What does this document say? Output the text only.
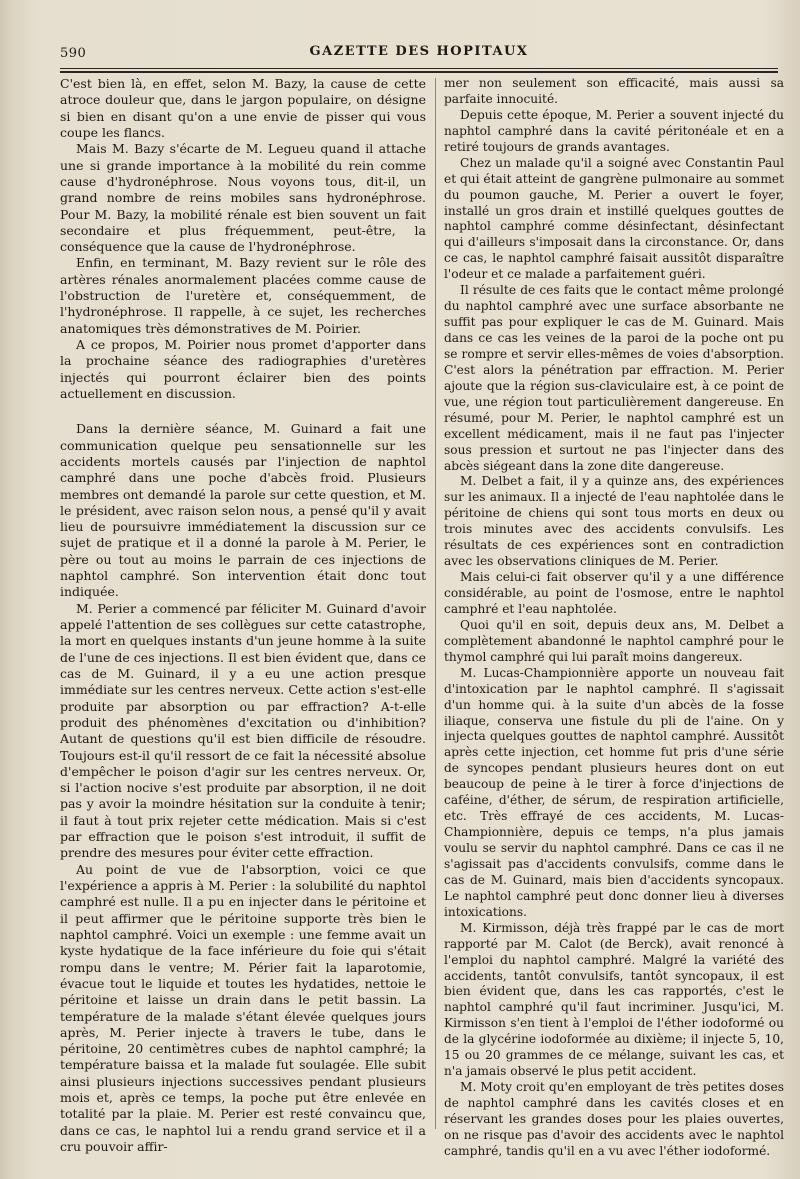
590	GAZETTE DES HOPITAUX

C'est bien là, en effet, selon M. Bazy, la cause de cette atroce douleur que, dans le jargon populaire, on désigne si bien en disant qu'on a une envie de pisser qui vous coupe les flancs.

Mais M. Bazy s'écarte de M. Legueu quand il attache une si grande importance à la mobilité du rein comme cause d'hydronéphrose. Nous voyons tous, dit-il, un grand nombre de reins mobiles sans hydronéphrose. Pour M. Bazy, la mobilité rénale est bien souvent un fait secondaire et plus fréquemment, peut-être, la conséquence que la cause de l'hydronéphrose.

Enfin, en terminant, M. Bazy revient sur le rôle des artères rénales anormalement placées comme cause de l'obstruction de l'uretère et, conséquemment, de l'hydronéphrose. Il rappelle, à ce sujet, les recherches anatomiques très démonstratives de M. Poirier.

A ce propos, M. Poirier nous promet d'apporter dans la prochaine séance des radiographies d'uretères injectés qui pourront éclairer bien des points actuellement en discussion.

Dans la dernière séance, M. Guinard a fait une communication quelque peu sensationnelle sur les accidents mortels causés par l'injection de naphtol camphré dans une poche d'abcès froid. Plusieurs membres ont demandé la parole sur cette question, et M. le président, avec raison selon nous, a pensé qu'il y avait lieu de poursuivre immédiatement la discussion sur ce sujet de pratique et il a donné la parole à M. Perier, le père ou tout au moins le parrain de ces injections de naphtol camphré. Son intervention était donc tout indiquée.

M. Perier a commencé par féliciter M. Guinard d'avoir appelé l'attention de ses collègues sur cette catastrophe, la mort en quelques instants d'un jeune homme à la suite de l'une de ces injections. Il est bien évident que, dans ce cas de M. Guinard, il y a eu une action presque immédiate sur les centres nerveux. Cette action s'est-elle produite par absorption ou par effraction? A-t-elle produit des phénomènes d'excitation ou d'inhibition? Autant de questions qu'il est bien difficile de résoudre. Toujours est-il qu'il ressort de ce fait la nécessité absolue d'empêcher le poison d'agir sur les centres nerveux. Or, si l'action nocive s'est produite par absorption, il ne doit pas y avoir la moindre hésitation sur la conduite à tenir; il faut à tout prix rejeter cette médication. Mais si c'est par effraction que le poison s'est introduit, il suffit de prendre des mesures pour éviter cette effraction.

Au point de vue de l'absorption, voici ce que l'expérience a appris à M. Perier : la solubilité du naphtol camphré est nulle. Il a pu en injecter dans le péritoine et il peut affirmer que le péritoine supporte très bien le naphtol camphré. Voici un exemple : une femme avait un kyste hydatique de la face inférieure du foie qui s'était rompu dans le ventre; M. Périer fait la laparotomie, évacue tout le liquide et toutes les hydatides, nettoie le péritoine et laisse un drain dans le petit bassin. La température de la malade s'étant élevée quelques jours après, M. Perier injecte à travers le tube, dans le péritoine, 20 centimètres cubes de naphtol camphré; la température baissa et la malade fut soulagée. Elle subit ainsi plusieurs injections successives pendant plusieurs mois et, après ce temps, la poche put être enlevée en totalité par la plaie. M. Perier est resté convaincu que, dans ce cas, le naphtol lui a rendu grand service et il a cru pouvoir affir-

mer non seulement son efficacité, mais aussi sa parfaite innocuité.

Depuis cette époque, M. Perier a souvent injecté du naphtol camphré dans la cavité péritonéale et en a retiré toujours de grands avantages.

Chez un malade qu'il a soigné avec Constantin Paul et qui était atteint de gangrène pulmonaire au sommet du poumon gauche, M. Perier a ouvert le foyer, installé un gros drain et instillé quelques gouttes de naphtol camphré comme désinfectant, désinfectant qui d'ailleurs s'imposait dans la circonstance. Or, dans ce cas, le naphtol camphré faisait aussitôt disparaître l'odeur et ce malade a parfaitement guéri.

Il résulte de ces faits que le contact même prolongé du naphtol camphré avec une surface absorbante ne suffit pas pour expliquer le cas de M. Guinard. Mais dans ce cas les veines de la paroi de la poche ont pu se rompre et servir elles-mêmes de voies d'absorption. C'est alors la pénétration par effraction. M. Perier ajoute que la région sus-claviculaire est, à ce point de vue, une région tout particulièrement dangereuse. En résumé, pour M. Perier, le naphtol camphré est un excellent médicament, mais il ne faut pas l'injecter sous pression et surtout ne pas l'injecter dans des abcès siégeant dans la zone dite dangereuse.

M. Delbet a fait, il y a quinze ans, des expériences sur les animaux. Il a injecté de l'eau naphtolée dans le péritoine de chiens qui sont tous morts en deux ou trois minutes avec des accidents convulsifs. Les résultats de ces expériences sont en contradiction avec les observations cliniques de M. Perier.

Mais celui-ci fait observer qu'il y a une différence considérable, au point de l'osmose, entre le naphtol camphré et l'eau naphtolée.

Quoi qu'il en soit, depuis deux ans, M. Delbet a complètement abandonné le naphtol camphré pour le thymol camphré qui lui paraît moins dangereux.

M. Lucas-Championnière apporte un nouveau fait d'intoxication par le naphtol camphré. Il s'agissait d'un homme qui. à la suite d'un abcès de la fosse iliaque, conserva une fistule du pli de l'aine. On y injecta quelques gouttes de naphtol camphré. Aussitôt après cette injection, cet homme fut pris d'une série de syncopes pendant plusieurs heures dont on eut beaucoup de peine à le tirer à force d'injections de caféine, d'éther, de sérum, de respiration artificielle, etc. Très effrayé de ces accidents, M. Lucas-Championnière, depuis ce temps, n'a plus jamais voulu se servir du naphtol camphré. Dans ce cas il ne s'agissait pas d'accidents convulsifs, comme dans le cas de M. Guinard, mais bien d'accidents syncopaux. Le naphtol camphré peut donc donner lieu à diverses intoxications.

M. Kirmisson, déjà très frappé par le cas de mort rapporté par M. Calot (de Berck), avait renoncé à l'emploi du naphtol camphré. Malgré la variété des accidents, tantôt convulsifs, tantôt syncopaux, il est bien évident que, dans les cas rapportés, c'est le naphtol camphré qu'il faut incriminer. Jusqu'ici, M. Kirmisson s'en tient à l'emploi de l'éther iodoformé ou de la glycérine iodoformée au dixième; il injecte 5, 10, 15 ou 20 grammes de ce mélange, suivant les cas, et n'a jamais observé le plus petit accident.

M. Moty croit qu'en employant de très petites doses de naphtol camphré dans les cavités closes et en réservant les grandes doses pour les plaies ouvertes, on ne risque pas d'avoir des accidents avec le naphtol camphré, tandis qu'il en a vu avec l'éther iodoformé.
